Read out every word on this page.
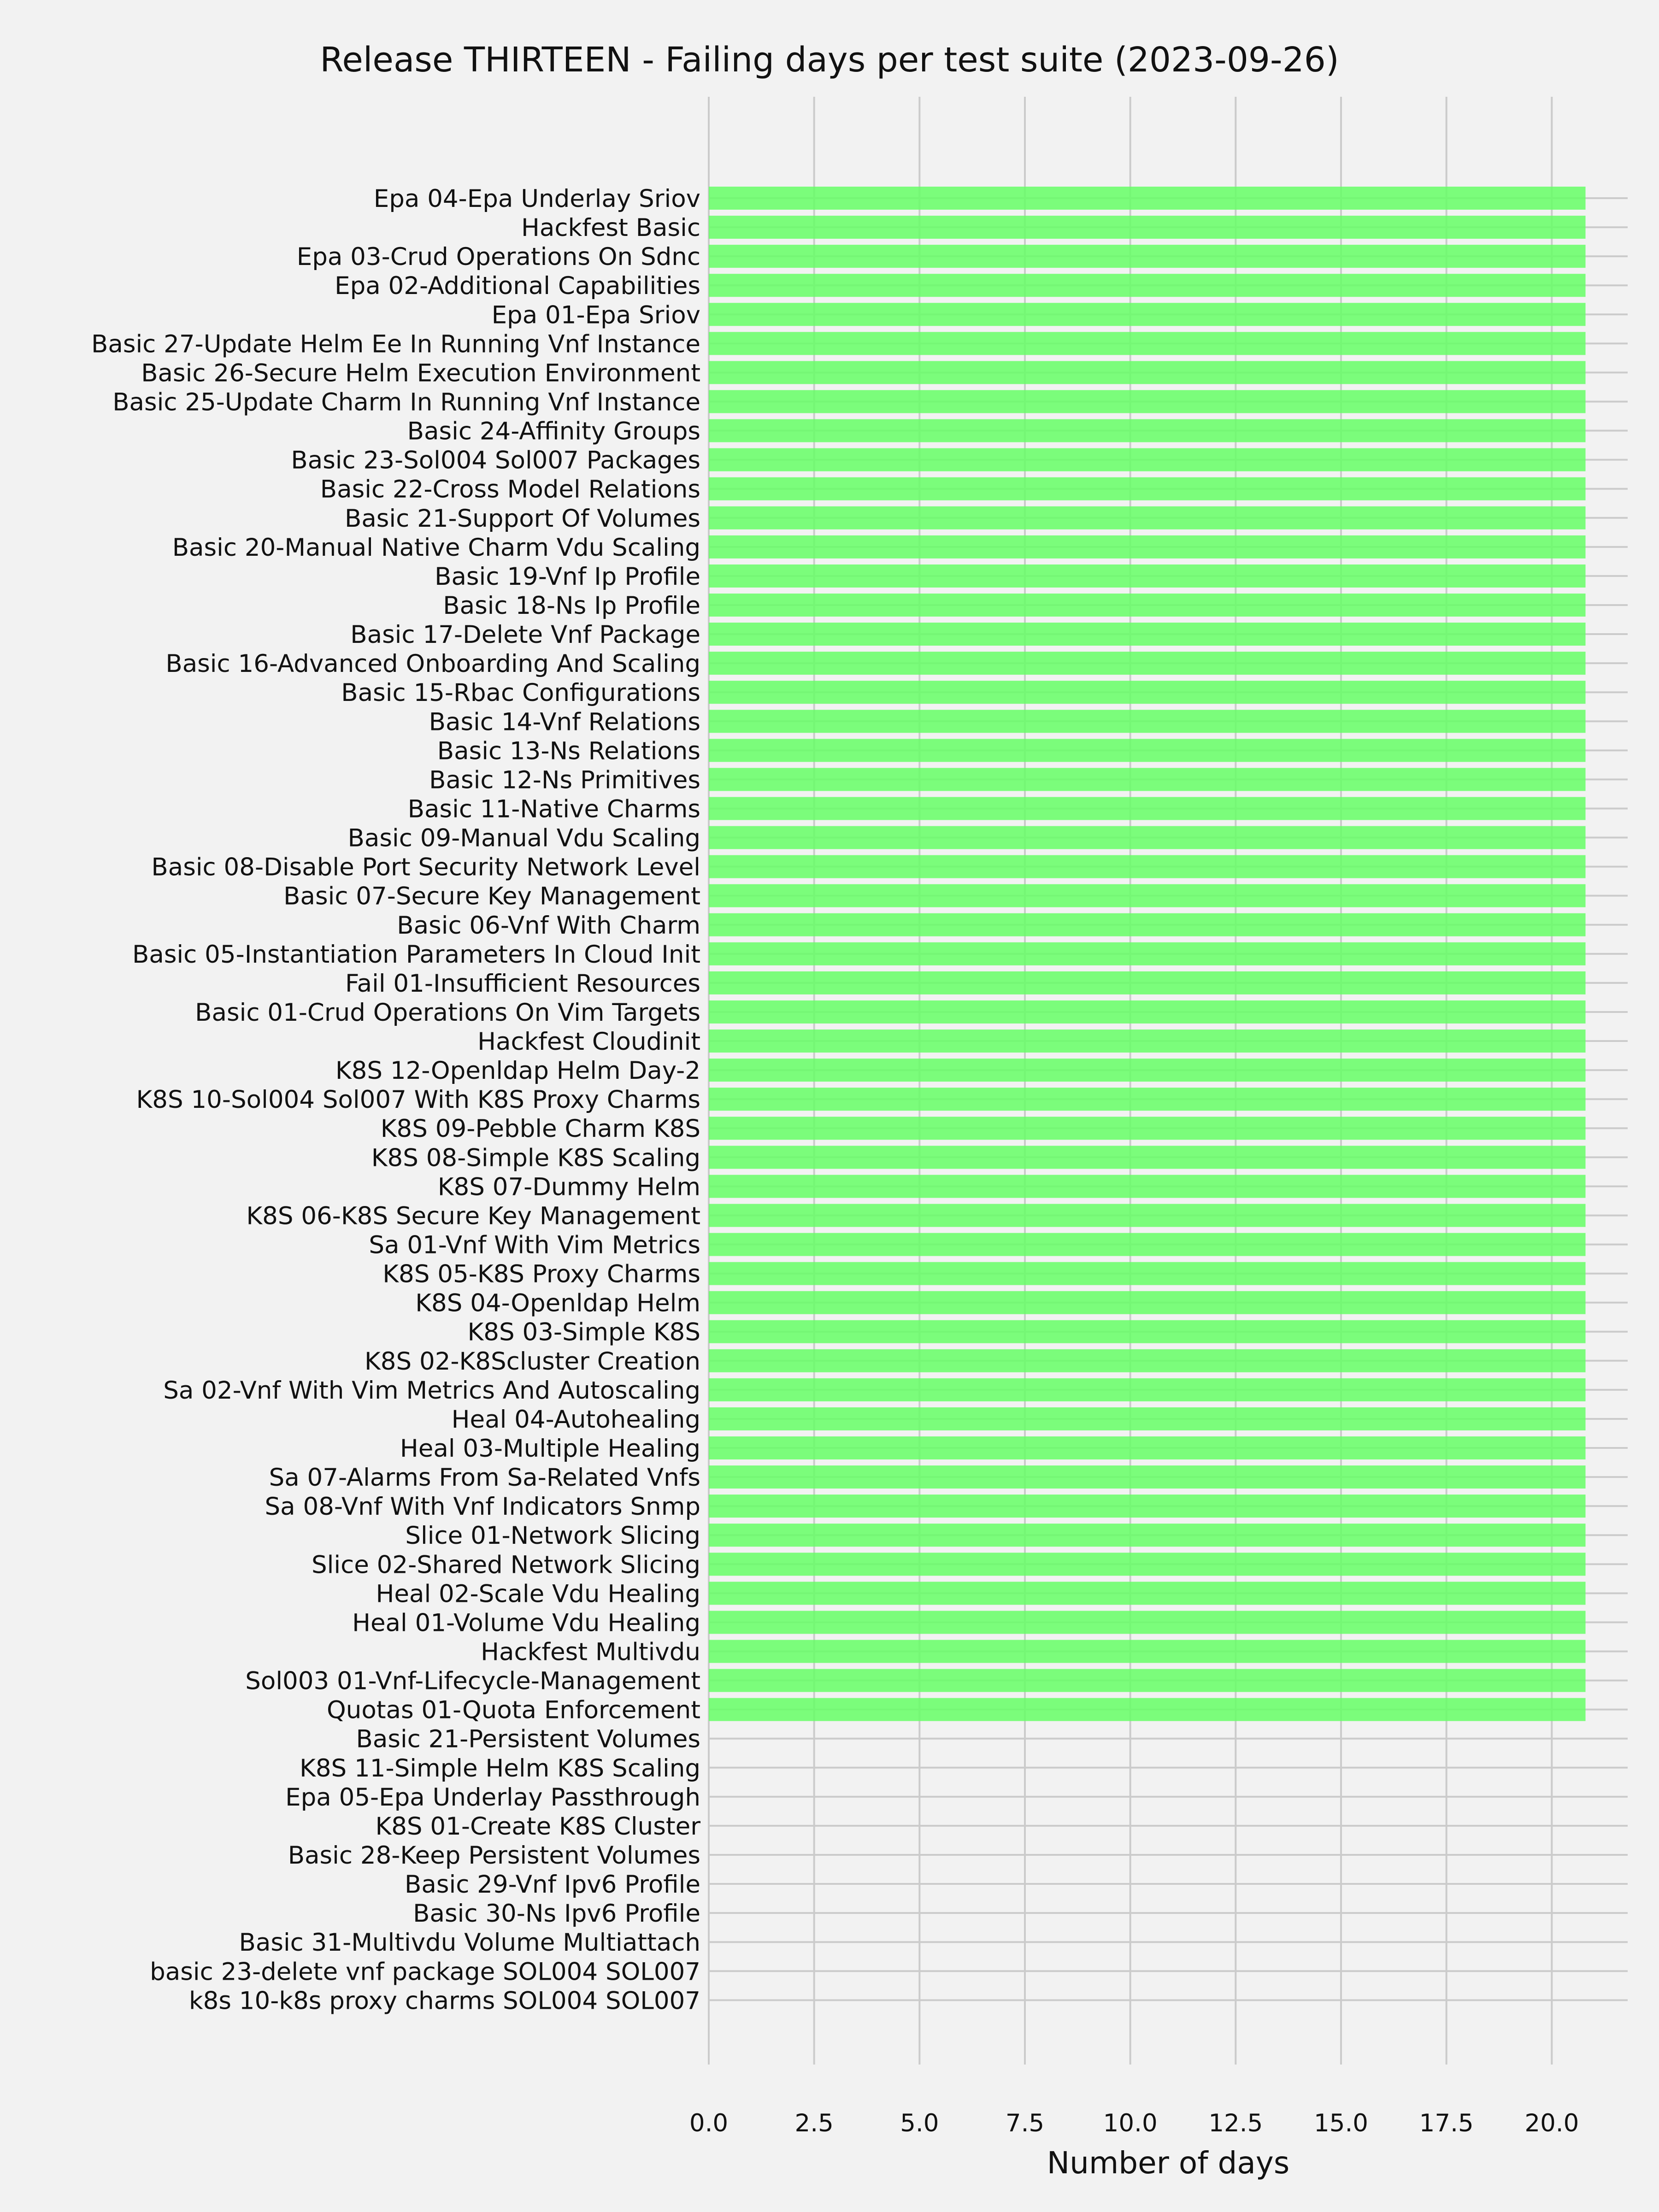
Epa 04-Epa Underlay Sriov
Hackfest Basic
Epa 03-Crud Operations On Sdnc
Epa 02-Additional Capabilities
Epa 01-Epa Sriov
Basic 27-Update Helm Ee In Running Vnf Instance
Basic 26-Secure Helm Execution Environment
Basic 25-Update Charm In Running Vnf Instance
Basic 24-Affinity Groups
Basic 23-Sol004 Sol007 Packages
Basic 22-Cross Model Relations
Basic 21-Support Of Volumes
Basic 20-Manual Native Charm Vdu Scaling
Basic 19-Vnf Ip Profile
Basic 18-Ns Ip Profile
Basic 17-Delete Vnf Package
Basic 16-Advanced Onboarding And Scaling
Basic 15-Rbac Configurations
Basic 14-Vnf Relations
Basic 13-Ns Relations
Basic 12-Ns Primitives
Basic 11-Native Charms
Basic 09-Manual Vdu Scaling
Basic 08-Disable Port Security Network Level
Basic 07-Secure Key Management
Basic 06-Vnf With Charm
Basic 05-Instantiation Parameters In Cloud Init
Fail 01-Insufficient Resources
Basic 01-Crud Operations On Vim Targets
Hackfest Cloudinit
K8S 12-Openldap Helm Day-2
K8S 10-Sol004 Sol007 With K8S Proxy Charms
K8S 09-Pebble Charm K8S
K8S 08-Simple K8S Scaling
K8S 07-Dummy Helm
K8S 06-K8S Secure Key Management
Sa 01-Vnf With Vim Metrics
K8S 05-K8S Proxy Charms
K8S 04-Openldap Helm
K8S 03-Simple K8S
K8S 02-K8Scluster Creation
Sa 02-Vnf With Vim Metrics And Autoscaling
Heal 04-Autohealing
Heal 03-Multiple Healing
Sa 07-Alarms From Sa-Related Vnfs
Sa 08-Vnf With Vnf Indicators Snmp
Slice 01-Network Slicing
Slice 02-Shared Network Slicing
Heal 02-Scale Vdu Healing
Heal 01-Volume Vdu Healing
Hackfest Multivdu
Sol003 01-Vnf-Lifecycle-Management
Quotas 01-Quota Enforcement
Basic 21-Persistent Volumes
K8S 11-Simple Helm K8S Scaling
Epa 05-Epa Underlay Passthrough
K8S 01-Create K8S Cluster
Basic 28-Keep Persistent Volumes
Basic 29-Vnf Ipv6 Profile
Basic 30-Ns Ipv6 Profile
Basic 31-Multivdu Volume Multiattach
basic 23-delete vnf package SOL004 SOL007
k8s 10-k8s proxy charms SOL004 SOL007
0.0	2.5	5.0	7.5 10.0 12.5 15.0 17.5 20.0
Release THIRTEEN - Failing days per test suite (2023-09-26)
Number of days
